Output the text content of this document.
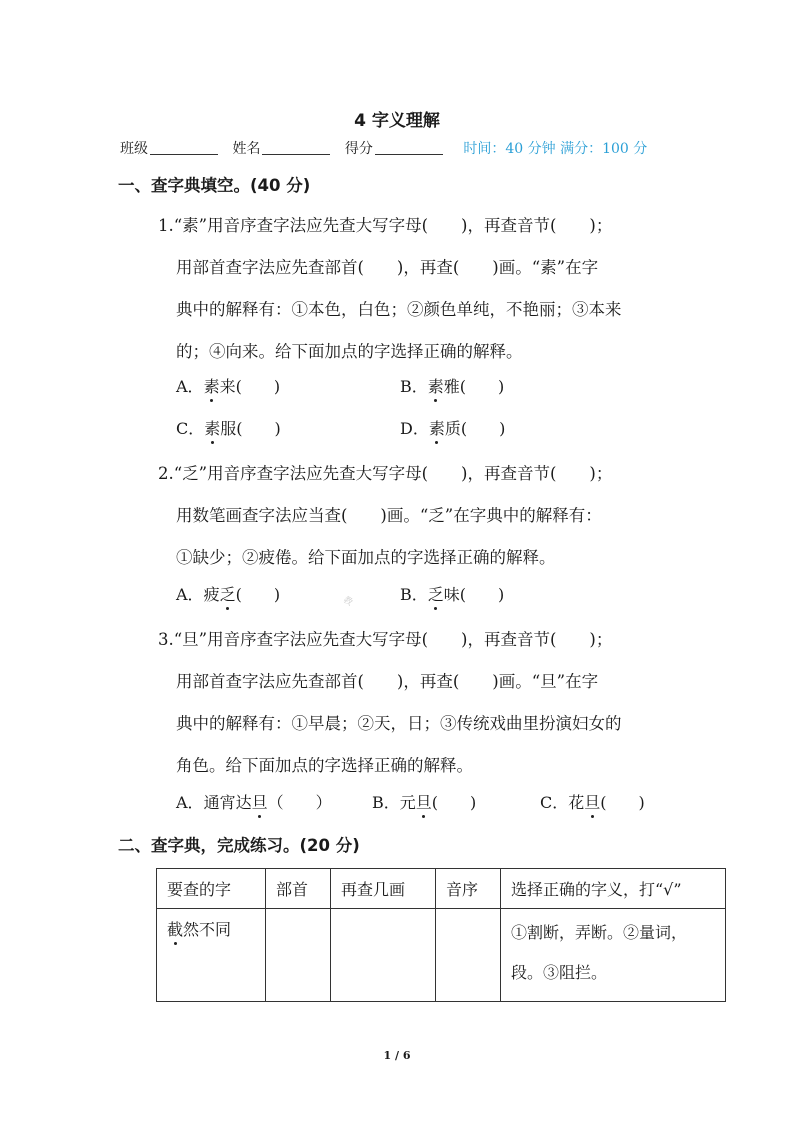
4 字义理解
班级	姓名	得分	时间：40 分钟 满分：100 分
一、查字典填空。(40 分)
1.“素”用音序查字法应先查大写字母(　　)，再查音节(　　)；
用部首查字法应先查部首(　　)，再查(　　)画。“素”在字
典中的解释有：①本色，白色；②颜色单纯，不艳丽；③本来
的；④向来。给下面加点的字选择正确的解释。
A．素来(　　)	B．素雅(　　)
C．素服(　　)	D．素质(　　)
2.“乏”用音序查字法应先查大写字母(　　)，再查音节(　　)；
用数笔画查字法应当查(　　)画。“乏”在字典中的解释有：
①缺少；②疲倦。给下面加点的字选择正确的解释。
A．疲乏(　　)	B．乏味(　　)
教
3.“旦”用音序查字法应先查大写字母(　　)，再查音节(　　)；
用部首查字法应先查部首(　　)，再查(　　)画。“旦”在字
典中的解释有：①早晨；②天，日；③传统戏曲里扮演妇女的
角色。给下面加点的字选择正确的解释。
A．通宵达旦（　　）	B．元旦(　　)	C．花旦(　　)
二、查字典，完成练习。(20 分)
要查的字	部首	再查几画	音序	选择正确的字义，打“√”
截然不同				①割断，弄断。②量词，
段。③阻拦。
1 / 6
